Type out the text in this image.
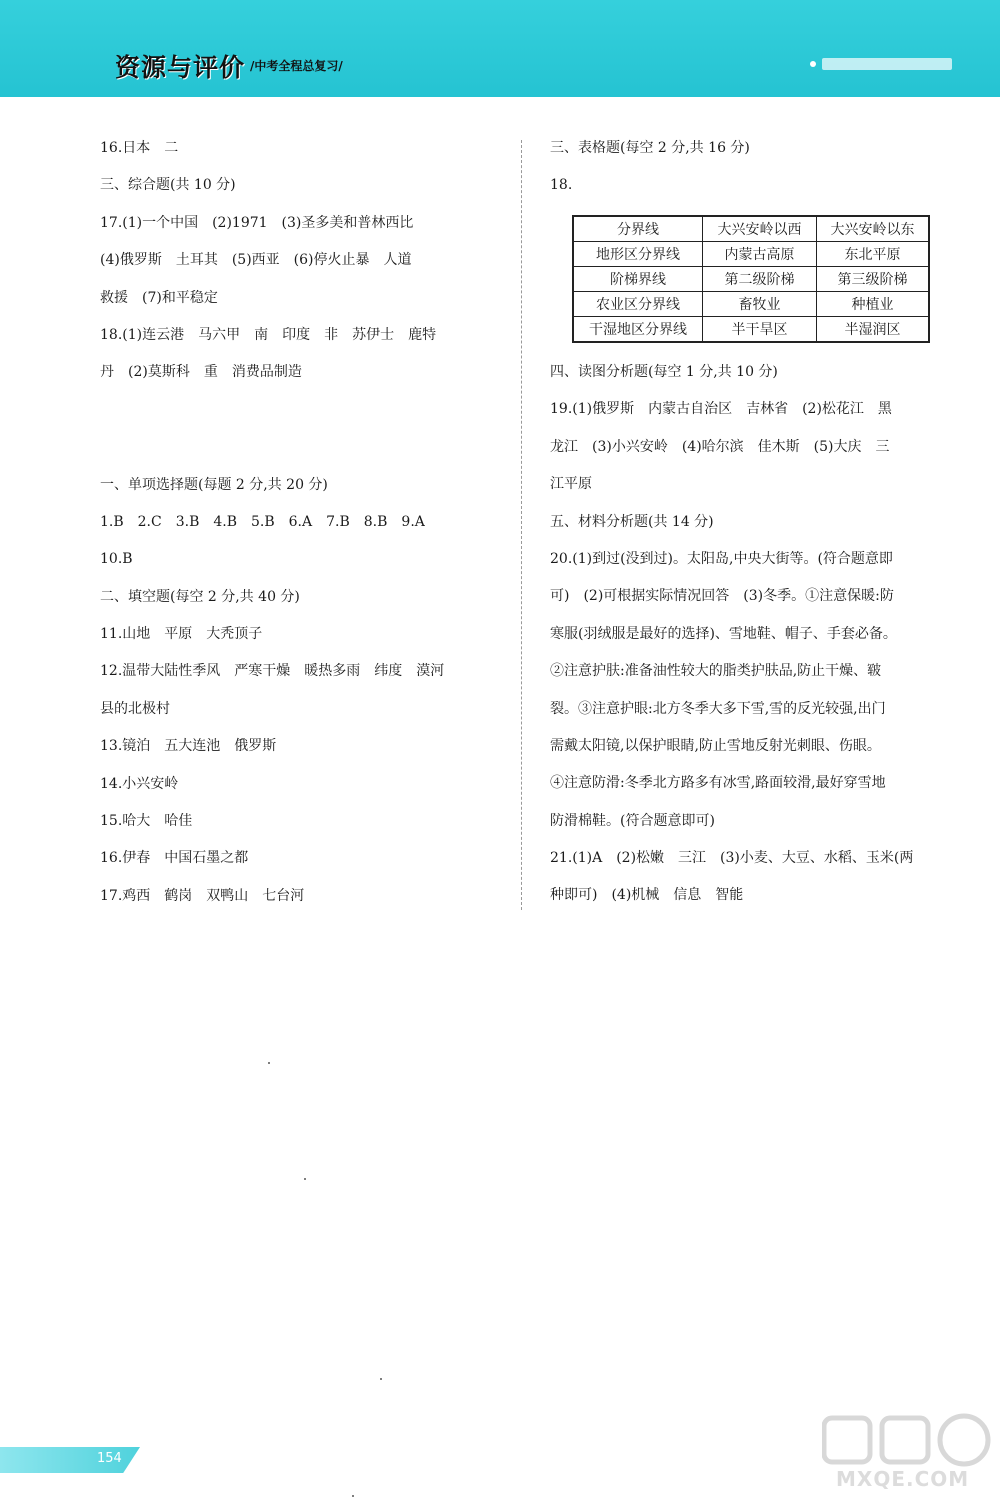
资源与评价 /中考全程总复习/
16.日本　二
三、综合题(共 10 分)
17.(1)一个中国　(2)1971　(3)圣多美和普林西比
(4)俄罗斯　土耳其　(5)西亚　(6)停火止暴　人道
救援　(7)和平稳定
18.(1)连云港　马六甲　南　印度　非　苏伊士　鹿特
丹　(2)莫斯科　重　消费品制造
一、单项选择题(每题 2 分,共 20 分)
1.B　2.C　3.B　4.B　5.B　6.A　7.B　8.B　9.A
10.B
二、填空题(每空 2 分,共 40 分)
11.山地　平原　大秃顶子
12.温带大陆性季风　严寒干燥　暖热多雨　纬度　漠河
县的北极村
13.镜泊　五大连池　俄罗斯
14.小兴安岭
15.哈大　哈佳
16.伊春　中国石墨之都
17.鸡西　鹤岗　双鸭山　七台河
三、表格题(每空 2 分,共 16 分)
18.
分界线	大兴安岭以西	大兴安岭以东
地形区分界线	内蒙古高原	东北平原
阶梯界线	第二级阶梯	第三级阶梯
农业区分界线	畜牧业	种植业
干湿地区分界线	半干旱区	半湿润区
四、读图分析题(每空 1 分,共 10 分)
19.(1)俄罗斯　内蒙古自治区　吉林省　(2)松花江　黑
龙江　(3)小兴安岭　(4)哈尔滨　佳木斯　(5)大庆　三
江平原
五、材料分析题(共 14 分)
20.(1)到过(没到过)。太阳岛,中央大街等。(符合题意即
可)　(2)可根据实际情况回答　(3)冬季。①注意保暖:防
寒服(羽绒服是最好的选择)、雪地鞋、帽子、手套必备。
②注意护肤:准备油性较大的脂类护肤品,防止干燥、皲
裂。③注意护眼:北方冬季大多下雪,雪的反光较强,出门
需戴太阳镜,以保护眼睛,防止雪地反射光刺眼、伤眼。
④注意防滑:冬季北方路多有冰雪,路面较滑,最好穿雪地
防滑棉鞋。(符合题意即可)
21.(1)A　(2)松嫩　三江　(3)小麦、大豆、水稻、玉米(两
种即可)　(4)机械　信息　智能
154
MXQE.COM
